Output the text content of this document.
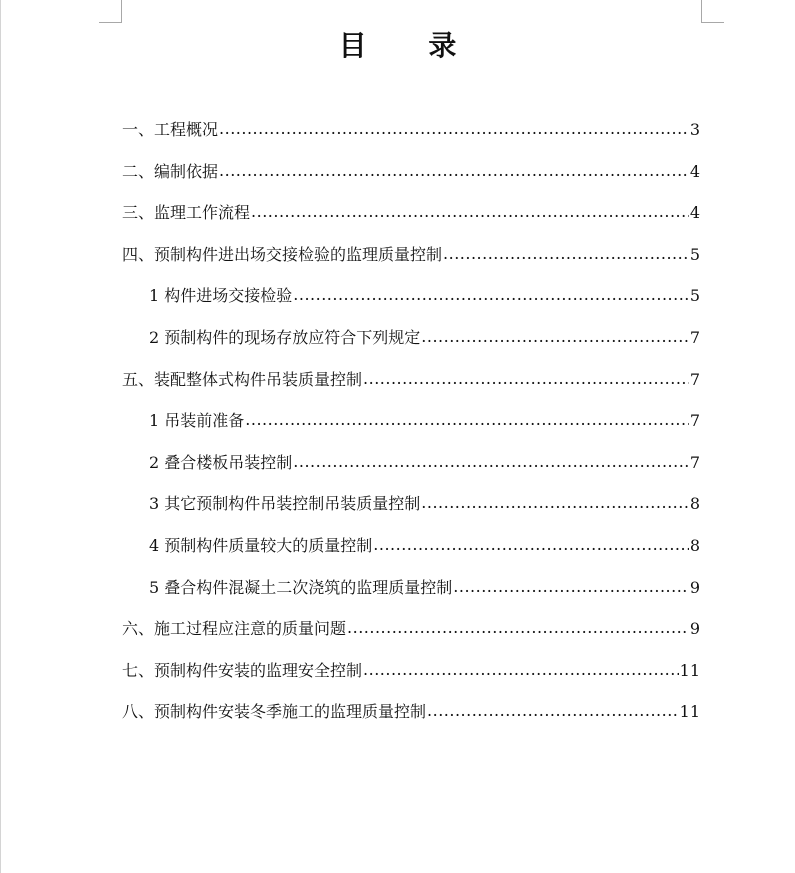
目 录
一、工程概况 .....	3
二、编制依据 .....	4
三、监理工作流程 .....	4
四、预制构件进出场交接检验的监理质量控制 .....	5
1 构件进场交接检验 .....	5
2 预制构件的现场存放应符合下列规定 .....	7
五、装配整体式构件吊装质量控制 .....	7
1 吊装前准备 .....	7
2 叠合楼板吊装控制 .....	7
3 其它预制构件吊装控制吊装质量控制 .....	8
4 预制构件质量较大的质量控制 .....	8
5 叠合构件混凝土二次浇筑的监理质量控制 .....	9
六、施工过程应注意的质量问题 .....	9
七、预制构件安装的监理安全控制 .....	11
八、预制构件安装冬季施工的监理质量控制 .....	11
